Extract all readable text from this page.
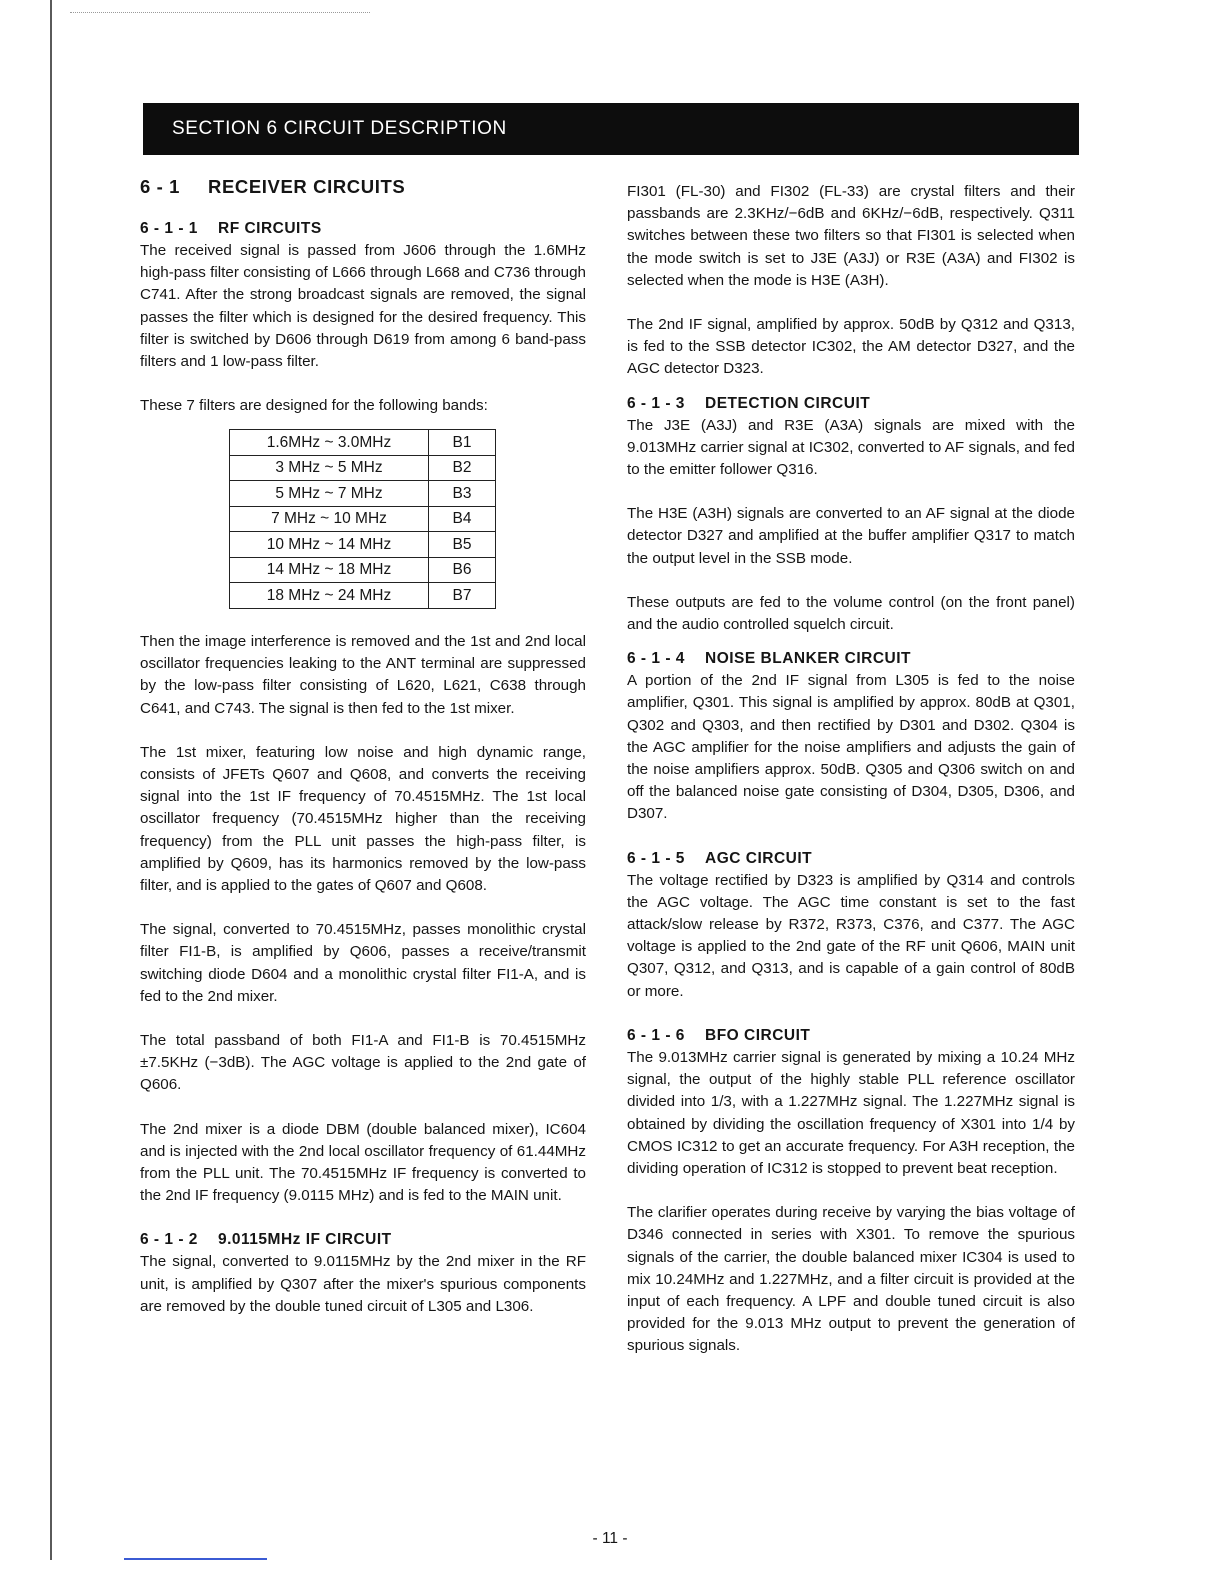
SECTION 6 CIRCUIT DESCRIPTION
6 - 1 RECEIVER CIRCUITS
6 - 1 - 1 RF CIRCUITS

The received signal is passed from J606 through the 1.6MHz high-pass filter consisting of L666 through L668 and C736 through C741. After the strong broadcast signals are removed, the signal passes the filter which is designed for the desired frequency. This filter is switched by D606 through D619 from among 6 band-pass filters and 1 low-pass filter.

These 7 filters are designed for the following bands:

1.6MHz ~ 3.0MHz	B1
3 MHz ~ 5 MHz	B2
5 MHz ~ 7 MHz	B3
7 MHz ~ 10 MHz	B4
10 MHz ~ 14 MHz	B5
14 MHz ~ 18 MHz	B6
18 MHz ~ 24 MHz	B7

Then the image interference is removed and the 1st and 2nd local oscillator frequencies leaking to the ANT terminal are suppressed by the low-pass filter consisting of L620, L621, C638 through C641, and C743. The signal is then fed to the 1st mixer.

The 1st mixer, featuring low noise and high dynamic range, consists of JFETs Q607 and Q608, and converts the receiving signal into the 1st IF frequency of 70.4515MHz. The 1st local oscillator frequency (70.4515MHz higher than the receiving frequency) from the PLL unit passes the high-pass filter, is amplified by Q609, has its harmonics removed by the low-pass filter, and is applied to the gates of Q607 and Q608.

The signal, converted to 70.4515MHz, passes monolithic crystal filter FI1-B, is amplified by Q606, passes a receive/transmit switching diode D604 and a monolithic crystal filter FI1-A, and is fed to the 2nd mixer.

The total passband of both FI1-A and FI1-B is 70.4515MHz ±7.5KHz (−3dB). The AGC voltage is applied to the 2nd gate of Q606.

The 2nd mixer is a diode DBM (double balanced mixer), IC604 and is injected with the 2nd local oscillator frequency of 61.44MHz from the PLL unit. The 70.4515MHz IF frequency is converted to the 2nd IF frequency (9.0115 MHz) and is fed to the MAIN unit.

6 - 1 - 2 9.0115MHz IF CIRCUIT

The signal, converted to 9.0115MHz by the 2nd mixer in the RF unit, is amplified by Q307 after the mixer's spurious components are removed by the double tuned circuit of L305 and L306.

FI301 (FL-30) and FI302 (FL-33) are crystal filters and their passbands are 2.3KHz/−6dB and 6KHz/−6dB, respectively. Q311 switches between these two filters so that FI301 is selected when the mode switch is set to J3E (A3J) or R3E (A3A) and FI302 is selected when the mode is H3E (A3H).

The 2nd IF signal, amplified by approx. 50dB by Q312 and Q313, is fed to the SSB detector IC302, the AM detector D327, and the AGC detector D323.

6 - 1 - 3 DETECTION CIRCUIT

The J3E (A3J) and R3E (A3A) signals are mixed with the 9.013MHz carrier signal at IC302, converted to AF signals, and fed to the emitter follower Q316.

The H3E (A3H) signals are converted to an AF signal at the diode detector D327 and amplified at the buffer amplifier Q317 to match the output level in the SSB mode.

These outputs are fed to the volume control (on the front panel) and the audio controlled squelch circuit.

6 - 1 - 4 NOISE BLANKER CIRCUIT

A portion of the 2nd IF signal from L305 is fed to the noise amplifier, Q301. This signal is amplified by approx. 80dB at Q301, Q302 and Q303, and then rectified by D301 and D302. Q304 is the AGC amplifier for the noise amplifiers and adjusts the gain of the noise amplifiers approx. 50dB. Q305 and Q306 switch on and off the balanced noise gate consisting of D304, D305, D306, and D307.

6 - 1 - 5 AGC CIRCUIT

The voltage rectified by D323 is amplified by Q314 and controls the AGC voltage. The AGC time constant is set to the fast attack/slow release by R372, R373, C376, and C377. The AGC voltage is applied to the 2nd gate of the RF unit Q606, MAIN unit Q307, Q312, and Q313, and is capable of a gain control of 80dB or more.

6 - 1 - 6 BFO CIRCUIT

The 9.013MHz carrier signal is generated by mixing a 10.24 MHz signal, the output of the highly stable PLL reference oscillator divided into 1/3, with a 1.227MHz signal. The 1.227MHz signal is obtained by dividing the oscillation frequency of X301 into 1/4 by CMOS IC312 to get an accurate frequency. For A3H reception, the dividing operation of IC312 is stopped to prevent beat reception.

The clarifier operates during receive by varying the bias voltage of D346 connected in series with X301. To remove the spurious signals of the carrier, the double balanced mixer IC304 is used to mix 10.24MHz and 1.227MHz, and a filter circuit is provided at the input of each frequency. A LPF and double tuned circuit is also provided for the 9.013 MHz output to prevent the generation of spurious signals.

- 11 -
